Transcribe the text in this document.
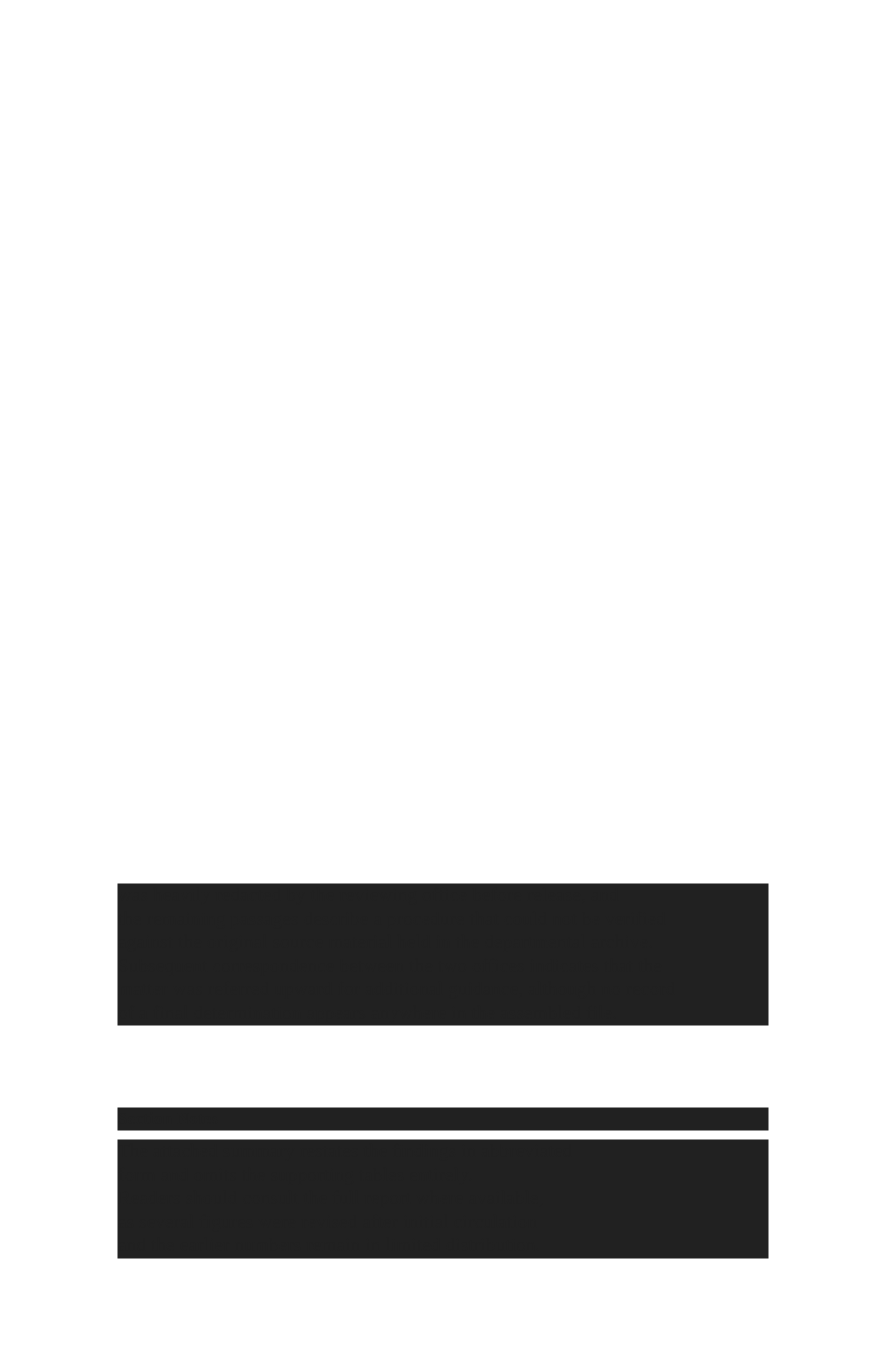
was heavily redacted by the reviewing office before release, and
the remaining passages describe a procedure that could not be verified
against the original source material held in the departmental archive.
Subsequent correspondence between the two offices indicates that the
matter was referred upward for additional guidance, although no record
of a final determination appears anywhere in the assembled file.
Section Notes
The attached summary restates the findings in abbreviated
form and omits the supporting tables entirely.
Readers should consult the full report where available,
as several figures were revised after initial circulation
and the earlier numbers remain in limited distribution.
